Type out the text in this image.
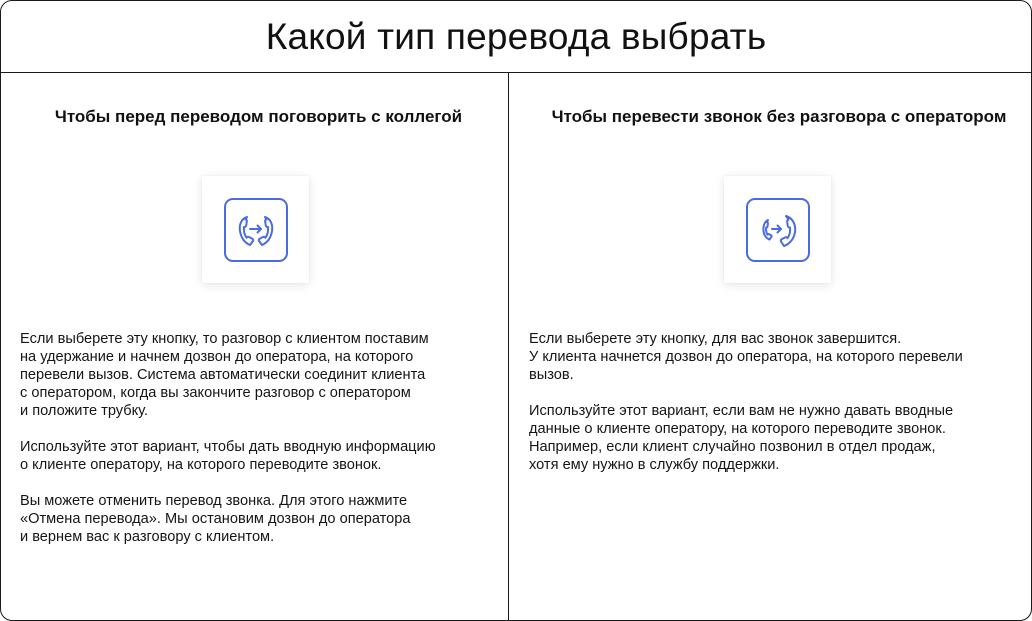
Какой тип перевода выбрать
Чтобы перед переводом поговорить с коллегой

Если выберете эту кнопку, то разговор с клиентом поставим
на удержание и начнем дозвон до оператора, на которого
перевели вызов. Система автоматически соединит клиента
с оператором, когда вы закончите разговор с оператором
и положите трубку.

Используйте этот вариант, чтобы дать вводную информацию
о клиенте оператору, на которого переводите звонок.

Вы можете отменить перевод звонка. Для этого нажмите
«Отмена перевода». Мы остановим дозвон до оператора
и вернем вас к разговору с клиентом.

Чтобы перевести звонок без разговора с оператором

Если выберете эту кнопку, для вас звонок завершится.
У клиента начнется дозвон до оператора, на которого перевели
вызов.

Используйте этот вариант, если вам не нужно давать вводные
данные о клиенте оператору, на которого переводите звонок.
Например, если клиент случайно позвонил в отдел продаж,
хотя ему нужно в службу поддержки.
